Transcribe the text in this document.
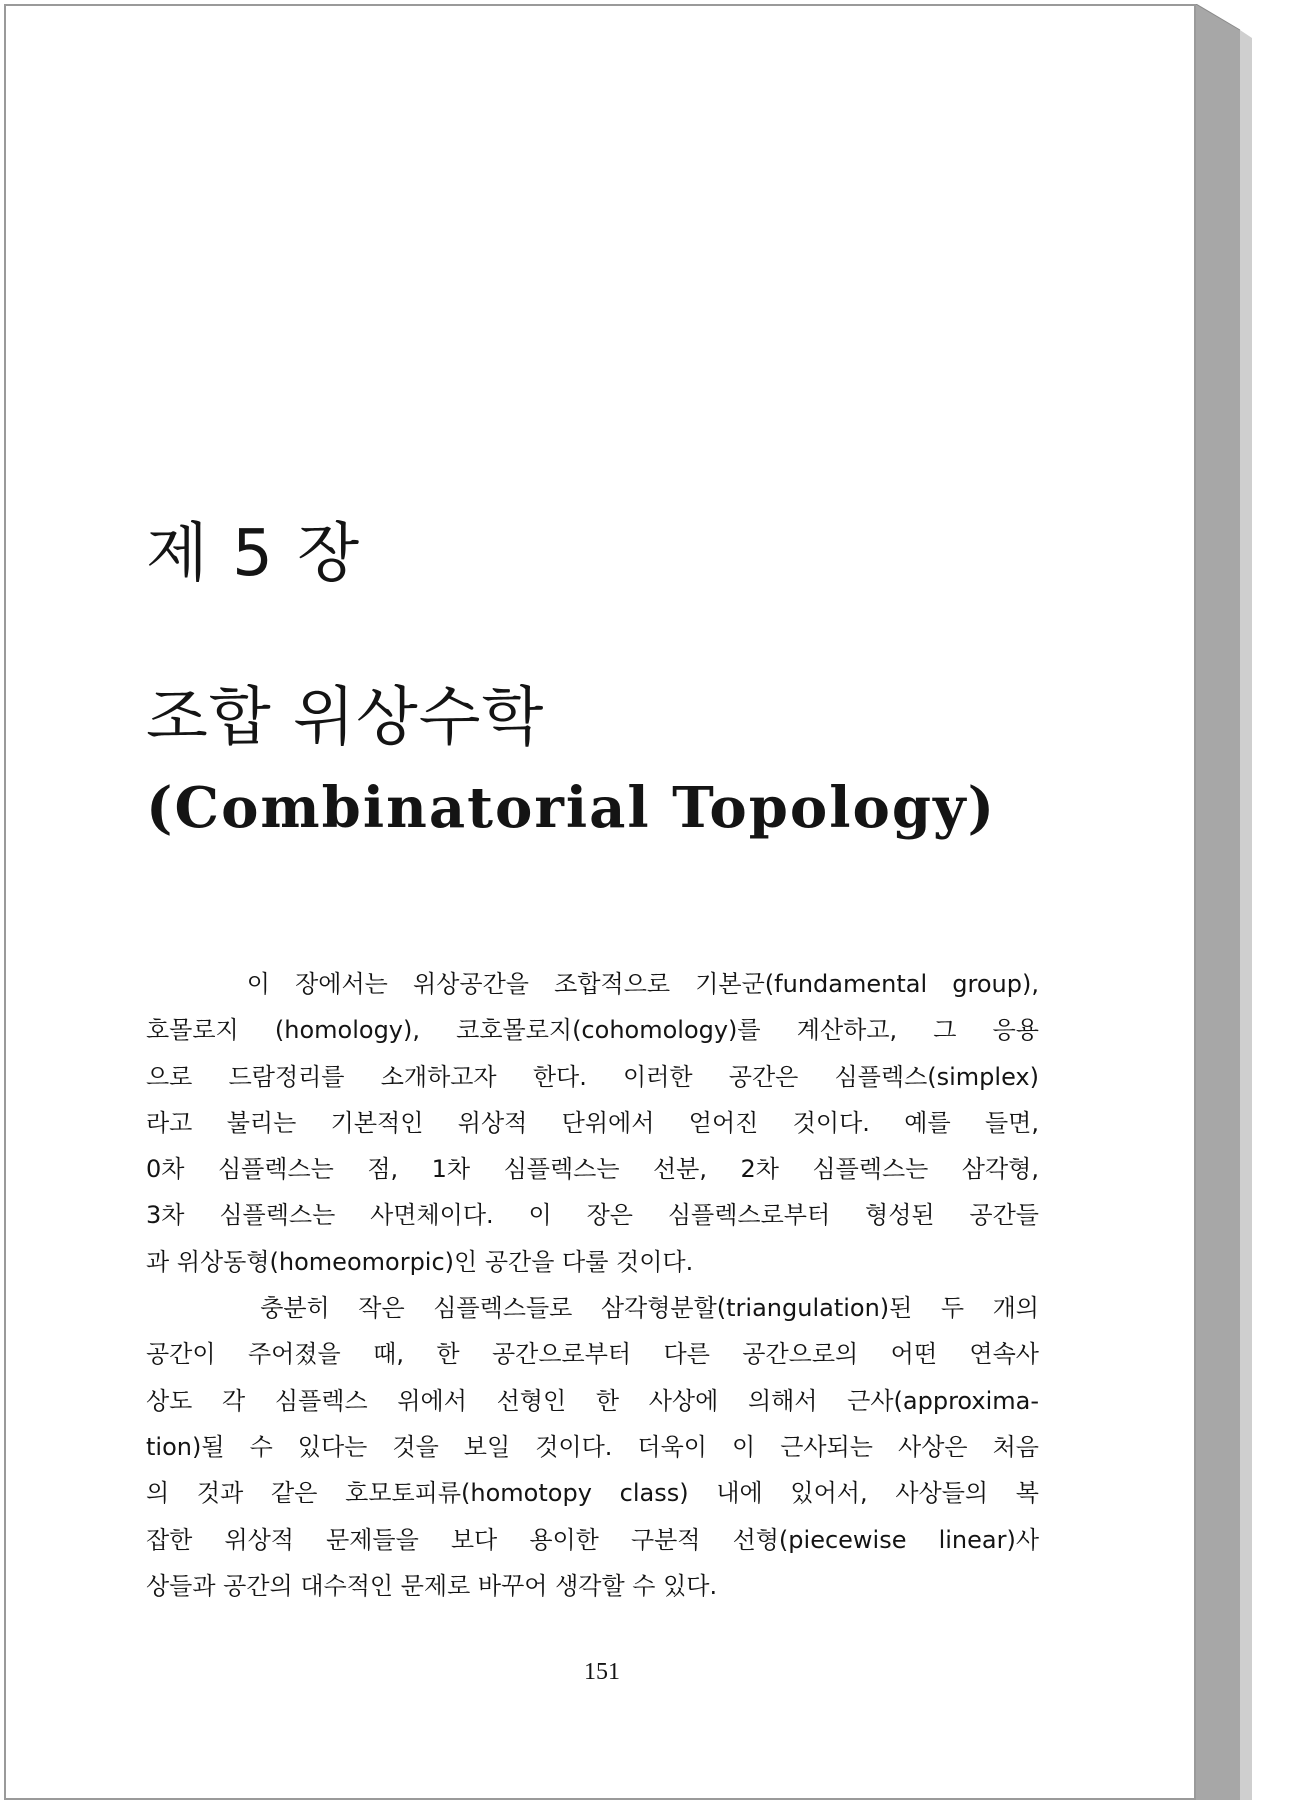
제 5 장
조합 위상수학
(Combinatorial Topology)
이 장에서는 위상공간을 조합적으로 기본군(fundamental group),
호몰로지 (homology), 코호몰로지(cohomology)를 계산하고, 그 응용
으로 드람정리를 소개하고자 한다. 이러한 공간은 심플렉스(simplex)
라고 불리는 기본적인 위상적 단위에서 얻어진 것이다. 예를 들면,
0차 심플렉스는 점, 1차 심플렉스는 선분, 2차 심플렉스는 삼각형,
3차 심플렉스는 사면체이다. 이 장은 심플렉스로부터 형성된 공간들
과 위상동형(homeomorpic)인 공간을 다룰 것이다.
충분히 작은 심플렉스들로 삼각형분할(triangulation)된 두 개의
공간이 주어졌을 때, 한 공간으로부터 다른 공간으로의 어떤 연속사
상도 각 심플렉스 위에서 선형인 한 사상에 의해서 근사(approxima-
tion)될 수 있다는 것을 보일 것이다. 더욱이 이 근사되는 사상은 처음
의 것과 같은 호모토피류(homotopy class) 내에 있어서, 사상들의 복
잡한 위상적 문제들을 보다 용이한 구분적 선형(piecewise linear)사
상들과 공간의 대수적인 문제로 바꾸어 생각할 수 있다.
151
